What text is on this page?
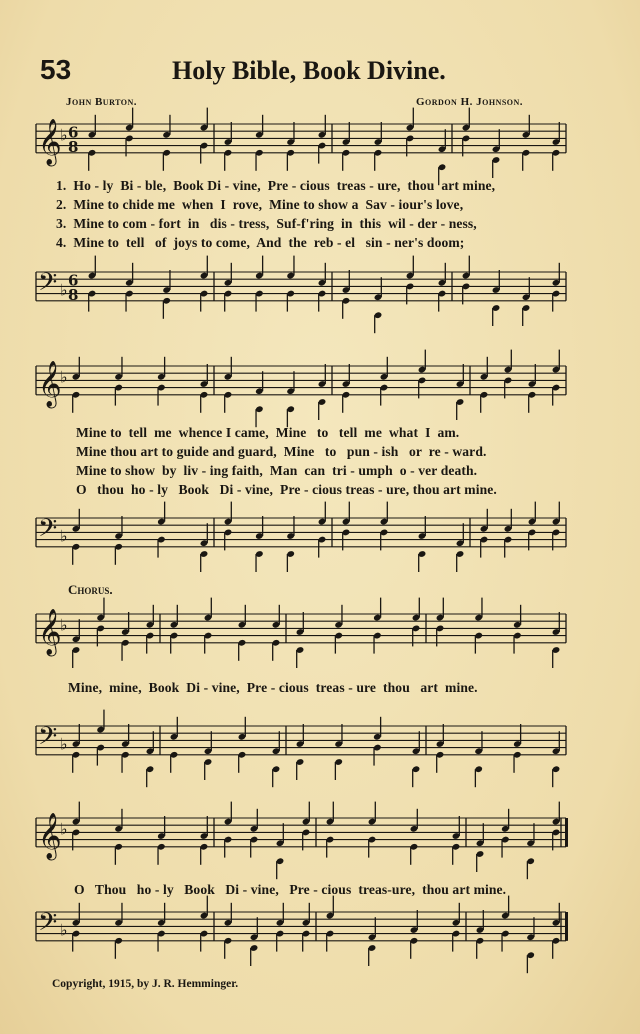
53	Holy Bible, Book Divine.
John Burton.	Gordon H. Johnson.
𝄞
♭ 6
8
1.  Ho - ly  Bi - ble,  Book Di - vine,  Pre - cious  treas - ure,  thou  art mine,
2.  Mine to chide me  when  I  rove,  Mine to show a  Sav - iour's love,
3.  Mine to com - fort  in   dis - tress,  Suf-f'ring  in  this  wil - der - ness,
4.  Mine to  tell   of  joys to come,  And  the  reb - el   sin - ner's doom;
𝄢 ♭
6
8
𝄞
♭
Mine to  tell  me  whence I came,  Mine   to   tell  me  what  I  am.
Mine thou art to guide and guard,  Mine   to   pun - ish   or  re - ward.
Mine to show  by  liv - ing faith,  Man  can  tri - umph  o - ver death.
O   thou  ho - ly   Book   Di - vine,  Pre - cious treas - ure, thou art mine.
𝄢 ♭
Chorus.
𝄞
♭
Mine,  mine,  Book  Di - vine,  Pre - cious  treas - ure  thou   art  mine.
𝄢 ♭
𝄞
♭
O   Thou   ho - ly   Book   Di - vine,   Pre - cious  treas-ure,  thou art mine.
𝄢 ♭
Copyright, 1915, by J. R. Hemminger.
